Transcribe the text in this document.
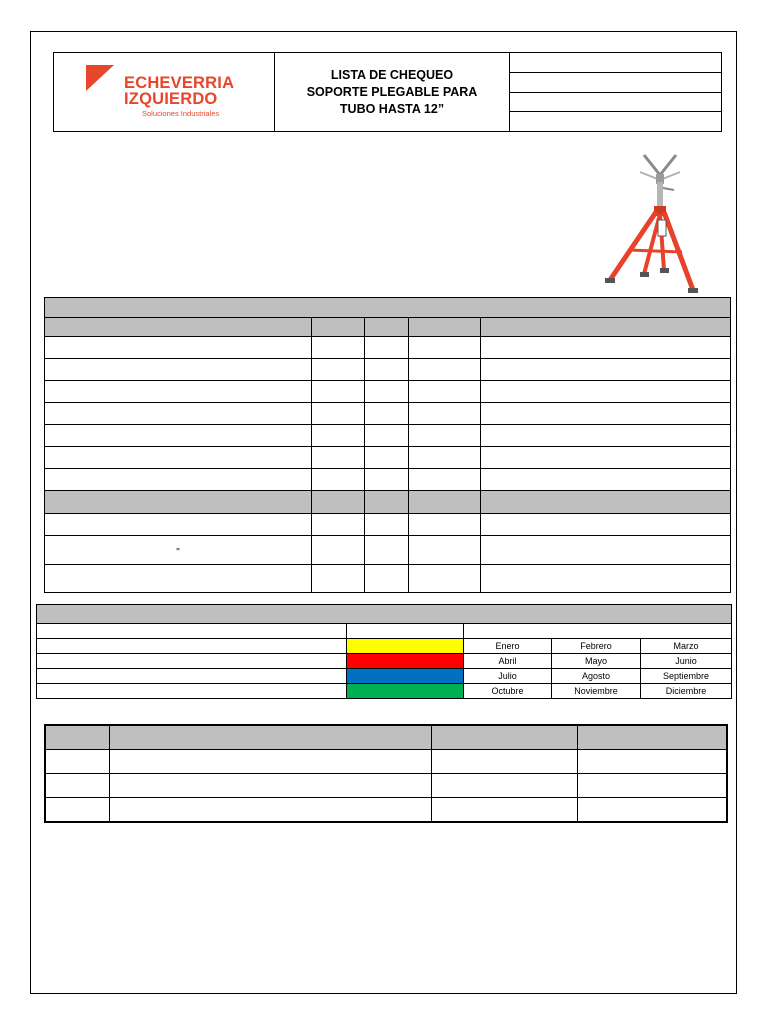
ECHEVERRIA
IZQUIERDO
Soluciones Industriales
LISTA DE CHEQUEO
SOPORTE PLEGABLE PARA
TUBO HASTA 12”

"				

		Enero	Febrero	Marzo
		Abril	Mayo	Junio
		Julio	Agosto	Septiembre
		Octubre	Noviembre	Diciembre
